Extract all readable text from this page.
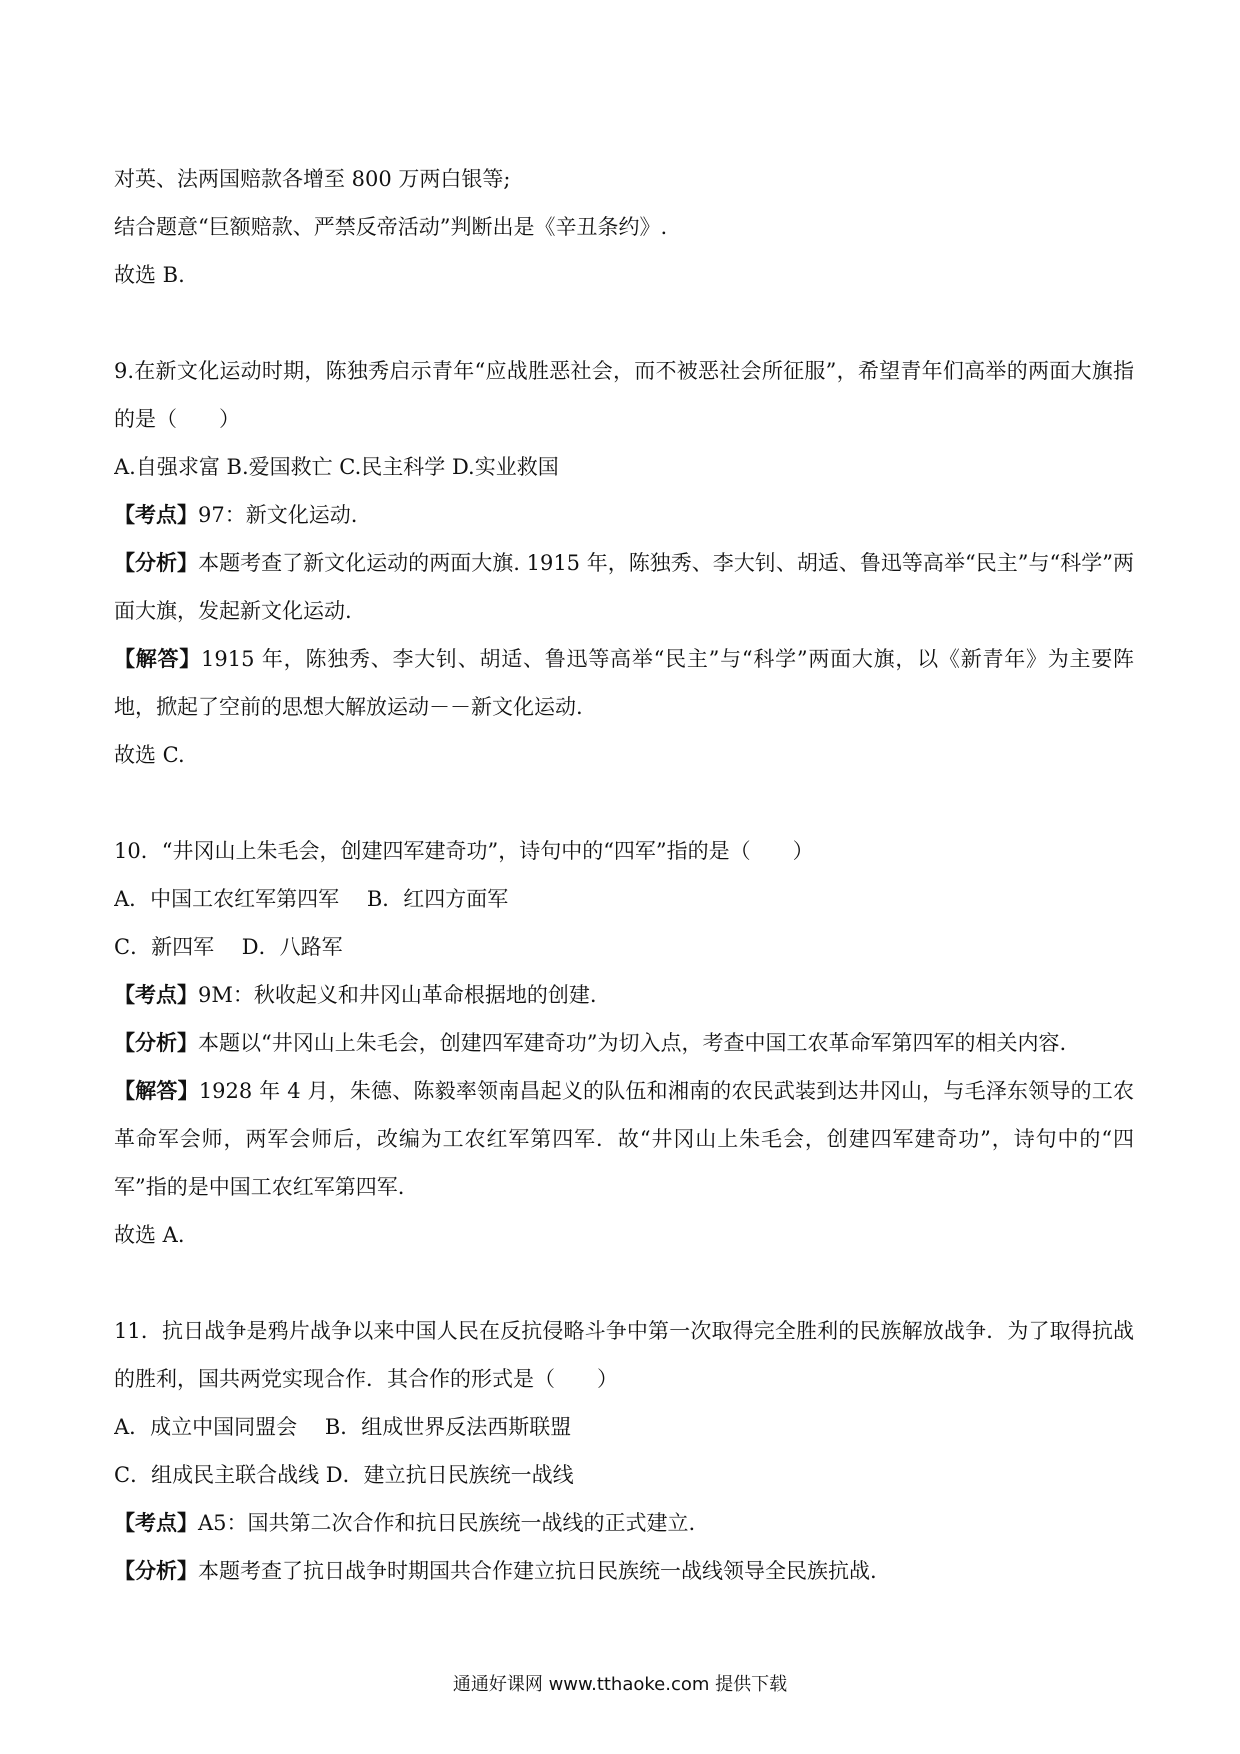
对英、法两国赔款各增至 800 万两白银等;

结合题意“巨额赔款、严禁反帝活动”判断出是《辛丑条约》.

故选 B.

9.在新文化运动时期，陈独秀启示青年“应战胜恶社会，而不被恶社会所征服”，希望青年们高举的两面大旗指的是（　　）

A.自强求富 B.爱国救亡 C.民主科学 D.实业救国

【考点】97：新文化运动.

【分析】本题考查了新文化运动的两面大旗. 1915 年，陈独秀、李大钊、胡适、鲁迅等高举“民主”与“科学”两面大旗，发起新文化运动.

【解答】1915 年，陈独秀、李大钊、胡适、鲁迅等高举“民主”与“科学”两面大旗，以《新青年》为主要阵地，掀起了空前的思想大解放运动－－新文化运动.

故选 C.

10．“井冈山上朱毛会，创建四军建奇功”，诗句中的“四军”指的是（　　）

A．中国工农红军第四军　 B．红四方面军

C．新四军　 D．八路军

【考点】9M：秋收起义和井冈山革命根据地的创建.

【分析】本题以“井冈山上朱毛会，创建四军建奇功”为切入点，考查中国工农革命军第四军的相关内容.

【解答】1928 年 4 月，朱德、陈毅率领南昌起义的队伍和湘南的农民武装到达井冈山，与毛泽东领导的工农革命军会师，两军会师后，改编为工农红军第四军．故“井冈山上朱毛会，创建四军建奇功”，诗句中的“四军”指的是中国工农红军第四军.

故选 A.

11．抗日战争是鸦片战争以来中国人民在反抗侵略斗争中第一次取得完全胜利的民族解放战争．为了取得抗战的胜利，国共两党实现合作．其合作的形式是（　　）

A．成立中国同盟会　 B．组成世界反法西斯联盟

C．组成民主联合战线 D．建立抗日民族统一战线

【考点】A5：国共第二次合作和抗日民族统一战线的正式建立.

【分析】本题考查了抗日战争时期国共合作建立抗日民族统一战线领导全民族抗战.

通通好课网 www.tthaoke.com 提供下载
